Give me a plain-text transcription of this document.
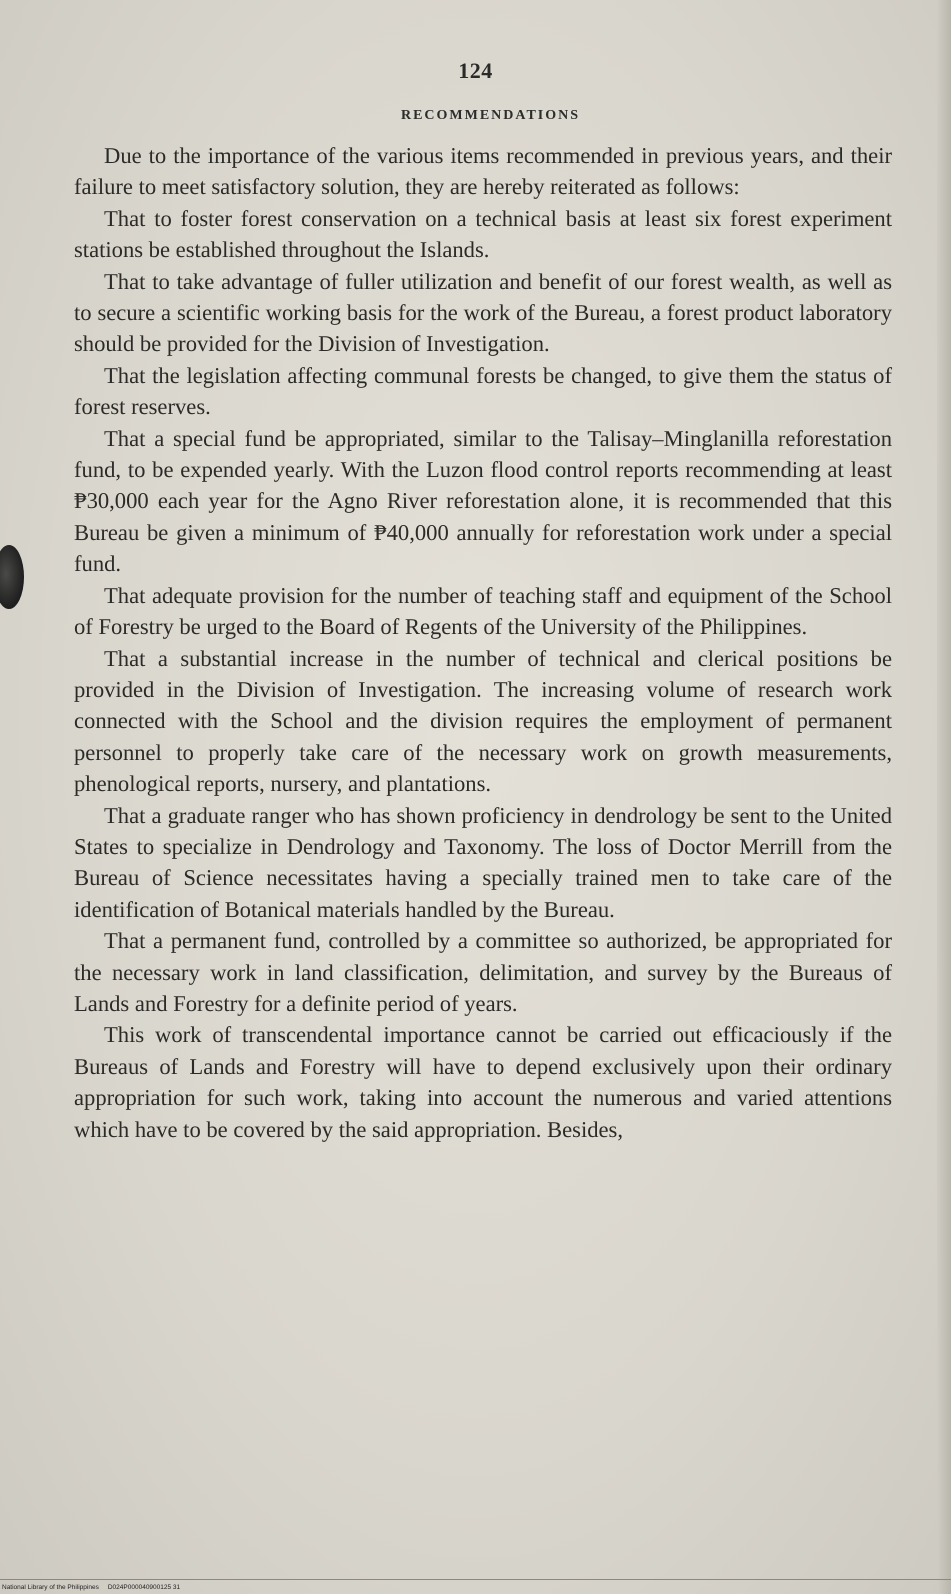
124
RECOMMENDATIONS

Due to the importance of the various items recommended in previous years, and their failure to meet satisfactory solution, they are hereby reiterated as follows:

That to foster forest conservation on a technical basis at least six forest experiment stations be established throughout the Islands.

That to take advantage of fuller utilization and benefit of our forest wealth, as well as to secure a scientific working basis for the work of the Bureau, a forest product laboratory should be provided for the Division of Investigation.

That the legislation affecting communal forests be changed, to give them the status of forest reserves.

That a special fund be appropriated, similar to the Talisay–Minglanilla reforestation fund, to be expended yearly. With the Luzon flood control reports recommending at least ₱30,000 each year for the Agno River reforestation alone, it is recommended that this Bureau be given a minimum of ₱40,000 annually for reforestation work under a special fund.

That adequate provision for the number of teaching staff and equipment of the School of Forestry be urged to the Board of Regents of the University of the Philippines.

That a substantial increase in the number of technical and clerical positions be provided in the Division of Investigation. The increasing volume of research work connected with the School and the division requires the employment of permanent personnel to properly take care of the necessary work on growth measurements, phenological reports, nursery, and plantations.

That a graduate ranger who has shown proficiency in dendrology be sent to the United States to specialize in Dendrology and Taxonomy. The loss of Doctor Merrill from the Bureau of Science necessitates having a specially trained men to take care of the identification of Botanical materials handled by the Bureau.

That a permanent fund, controlled by a committee so authorized, be appropriated for the necessary work in land classification, delimitation, and survey by the Bureaus of Lands and Forestry for a definite period of years.

This work of transcendental importance cannot be carried out efficaciously if the Bureaus of Lands and Forestry will have to depend exclusively upon their ordinary appropriation for such work, taking into account the numerous and varied attentions which have to be covered by the said appropriation. Besides,

National Library of the Philippines     D024P000040900125 31
